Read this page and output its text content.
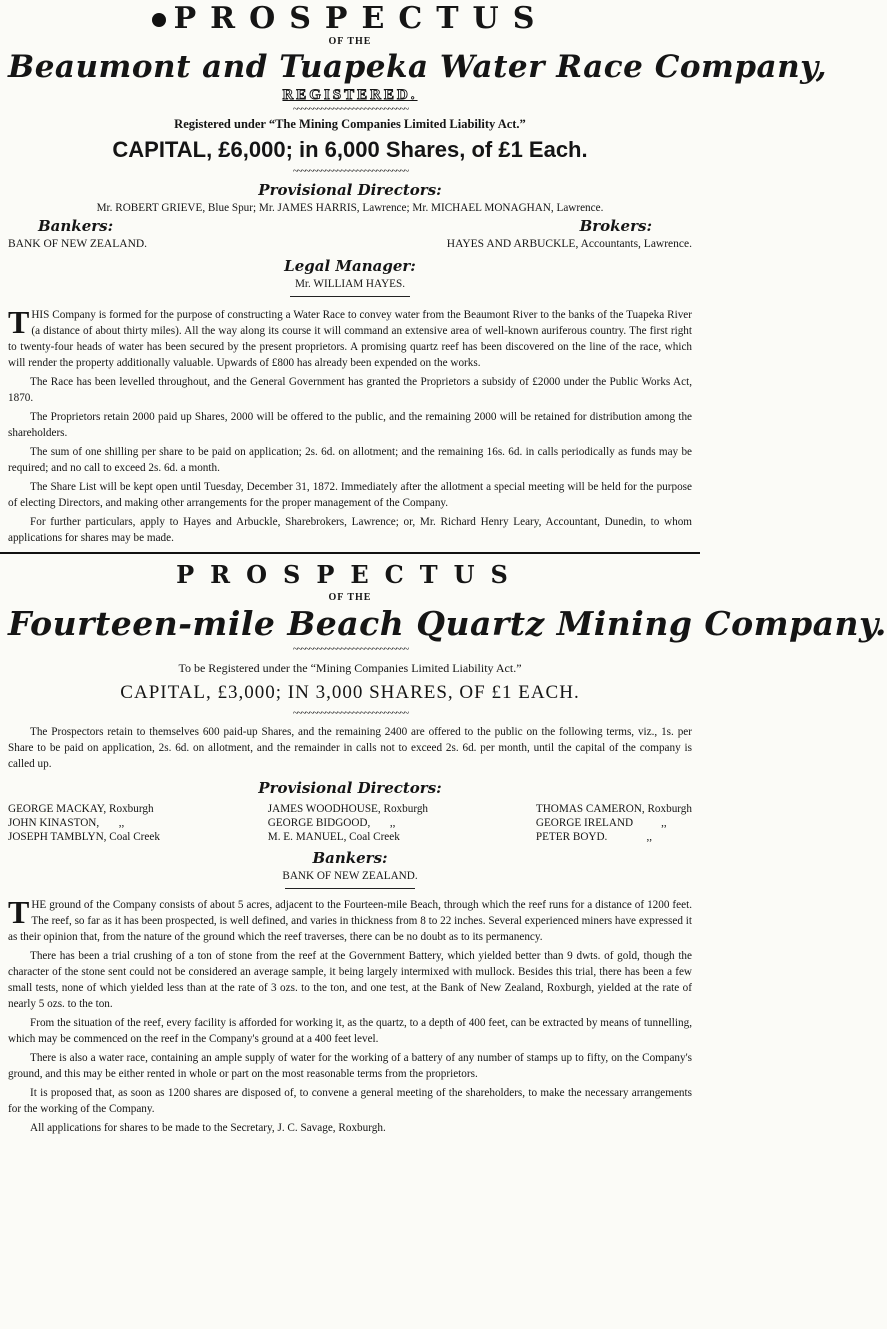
PROSPECTUS

OF THE

Beaumont and Tuapeka Water Race Company,

REGISTERED.

~~~~~~~~~~~~~~~~~~~~~~~~~~~~~

Registered under “The Mining Companies Limited Liability Act.”

CAPITAL, £6,000; in 6,000 Shares, of £1 Each.

~~~~~~~~~~~~~~~~~~~~~~~~~~~~~

Provisional Directors:

Mr. ROBERT GRIEVE, Blue Spur; Mr. JAMES HARRIS, Lawrence; Mr. MICHAEL MONAGHAN, Lawrence.

Bankers:	Brokers:
BANK OF NEW ZEALAND.	HAYES AND ARBUCKLE, Accountants, Lawrence.
Legal Manager:

Mr. WILLIAM HAYES.

THIS Company is formed for the purpose of constructing a Water Race to convey water from the Beaumont River to the banks of the Tuapeka River (a distance of about thirty miles). All the way along its course it will command an extensive area of well-known auriferous country. The first right to twenty-four heads of water has been secured by the present proprietors. A promising quartz reef has been discovered on the line of the race, which will render the property additionally valuable. Upwards of £800 has already been expended on the works.

The Race has been levelled throughout, and the General Government has granted the Proprietors a subsidy of £2000 under the Public Works Act, 1870.

The Proprietors retain 2000 paid up Shares, 2000 will be offered to the public, and the remaining 2000 will be retained for distribution among the shareholders.

The sum of one shilling per share to be paid on application; 2s. 6d. on allotment; and the remaining 16s. 6d. in calls periodically as funds may be required; and no call to exceed 2s. 6d. a month.

The Share List will be kept open until Tuesday, December 31, 1872. Immediately after the allotment a special meeting will be held for the purpose of electing Directors, and making other arrangements for the proper management of the Company.

For further particulars, apply to Hayes and Arbuckle, Sharebrokers, Lawrence; or, Mr. Richard Henry Leary, Accountant, Dunedin, to whom applications for shares may be made.

PROSPECTUS

OF THE

Fourteen-mile Beach Quartz Mining Company.

~~~~~~~~~~~~~~~~~~~~~~~~~~~~~

To be Registered under the “Mining Companies Limited Liability Act.”

CAPITAL, £3,000; IN 3,000 SHARES, OF £1 EACH.

~~~~~~~~~~~~~~~~~~~~~~~~~~~~~

The Prospectors retain to themselves 600 paid-up Shares, and the remaining 2400 are offered to the public on the following terms, viz., 1s. per Share to be paid on application, 2s. 6d. on allotment, and the remainder in calls not to exceed 2s. 6d. per month, until the capital of the company is called up.

Provisional Directors:
GEORGE MACKAY, Roxburgh
JOHN KINASTON,       ,,
JOSEPH TAMBLYN, Coal Creek
JAMES WOODHOUSE, Roxburgh
GEORGE BIDGOOD,       ,,
M. E. MANUEL, Coal Creek
THOMAS CAMERON, Roxburgh
GEORGE IRELAND          ,,
PETER BOYD.              ,,
Bankers:

BANK OF NEW ZEALAND.

THE ground of the Company consists of about 5 acres, adjacent to the Fourteen-mile Beach, through which the reef runs for a distance of 1200 feet. The reef, so far as it has been prospected, is well defined, and varies in thickness from 8 to 22 inches. Several experienced miners have expressed it as their opinion that, from the nature of the ground which the reef traverses, there can be no doubt as to its permanency.

There has been a trial crushing of a ton of stone from the reef at the Government Battery, which yielded better than 9 dwts. of gold, though the character of the stone sent could not be considered an average sample, it being largely intermixed with mullock. Besides this trial, there has been a few small tests, none of which yielded less than at the rate of 3 ozs. to the ton, and one test, at the Bank of New Zealand, Roxburgh, yielded at the rate of nearly 5 ozs. to the ton.

From the situation of the reef, every facility is afforded for working it, as the quartz, to a depth of 400 feet, can be extracted by means of tunnelling, which may be commenced on the reef in the Company's ground at a 400 feet level.

There is also a water race, containing an ample supply of water for the working of a battery of any number of stamps up to fifty, on the Company's ground, and this may be either rented in whole or part on the most reasonable terms from the proprietors.

It is proposed that, as soon as 1200 shares are disposed of, to convene a general meeting of the shareholders, to make the necessary arrangements for the working of the Company.

All applications for shares to be made to the Secretary, J. C. Savage, Roxburgh.
